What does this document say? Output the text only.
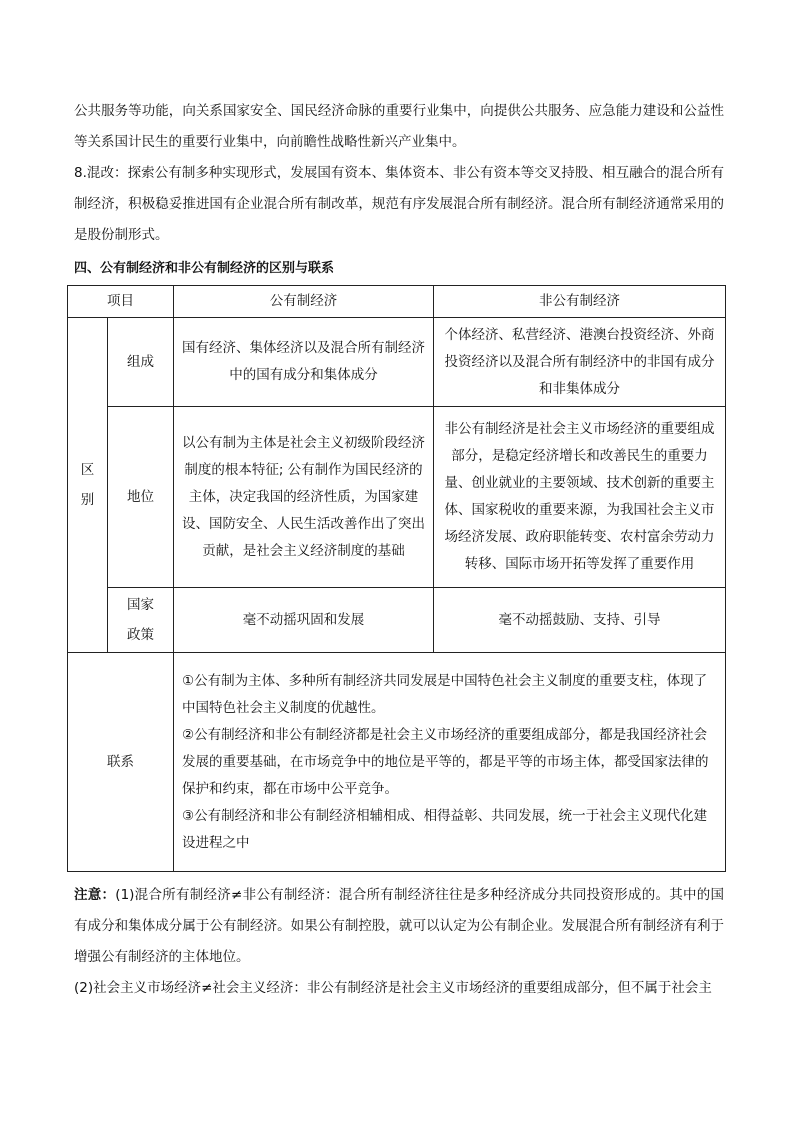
公共服务等功能，向关系国家安全、国民经济命脉的重要行业集中，向提供公共服务、应急能力建设和公益性等关系国计民生的重要行业集中，向前瞻性战略性新兴产业集中。
8.混改：探索公有制多种实现形式，发展国有资本、集体资本、非公有资本等交叉持股、相互融合的混合所有制经济，积极稳妥推进国有企业混合所有制改革，规范有序发展混合所有制经济。混合所有制经济通常采用的是股份制形式。
四、公有制经济和非公有制经济的区别与联系
项目		公有制经济	非公有制经济

区
别	组成	国有经济、集体经济以及混合所有制经济中的国有成分和集体成分	个体经济、私营经济、港澳台投资经济、外商投资经济以及混合所有制经济中的非国有成分和非集体成分
	地位	以公有制为主体是社会主义初级阶段经济制度的根本特征; 公有制作为国民经济的主体，决定我国的经济性质，为国家建设、国防安全、人民生活改善作出了突出贡献，是社会主义经济制度的基础	非公有制经济是社会主义市场经济的重要组成部分，是稳定经济增长和改善民生的重要力量、创业就业的主要领域、技术创新的重要主体、国家税收的重要来源，为我国社会主义市场经济发展、政府职能转变、农村富余劳动力转移、国际市场开拓等发挥了重要作用

	国家
政策	毫不动摇巩固和发展	毫不动摇鼓励、支持、引导
联系		①公有制为主体、多种所有制经济共同发展是中国特色社会主义制度的重要支柱，体现了中国特色社会主义制度的优越性。
②公有制经济和非公有制经济都是社会主义市场经济的重要组成部分，都是我国经济社会发展的重要基础，在市场竞争中的地位是平等的，都是平等的市场主体，都受国家法律的保护和约束，都在市场中公平竞争。
③公有制经济和非公有制经济相辅相成、相得益彰、共同发展，统一于社会主义现代化建设进程之中	
注意：(1)混合所有制经济≠非公有制经济：混合所有制经济往往是多种经济成分共同投资形成的。其中的国有成分和集体成分属于公有制经济。如果公有制控股，就可以认定为公有制企业。发展混合所有制经济有利于增强公有制经济的主体地位。
(2)社会主义市场经济≠社会主义经济：非公有制经济是社会主义市场经济的重要组成部分，但不属于社会主
